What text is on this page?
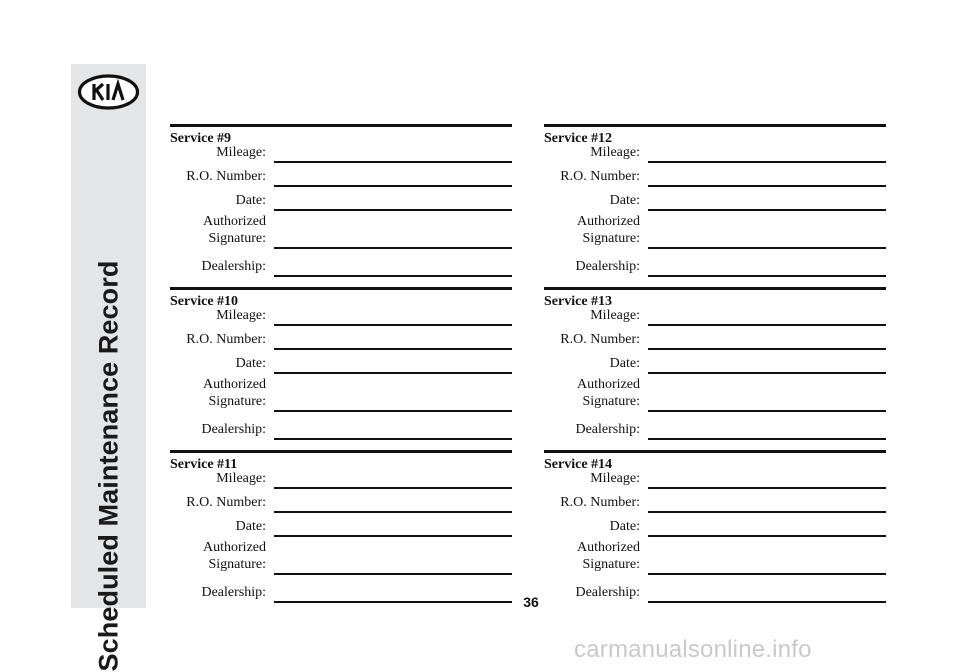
Scheduled Maintenance Record
Service #9
Mileage:
R.O. Number:
Date:
Authorized
Signature:
Dealership:
Service #10
Mileage:
R.O. Number:
Date:
Authorized
Signature:
Dealership:
Service #11
Mileage:
R.O. Number:
Date:
Authorized
Signature:
Dealership:
Service #12
Mileage:
R.O. Number:
Date:
Authorized
Signature:
Dealership:
Service #13
Mileage:
R.O. Number:
Date:
Authorized
Signature:
Dealership:
Service #14
Mileage:
R.O. Number:
Date:
Authorized
Signature:
Dealership:
36
carmanualsonline.info
